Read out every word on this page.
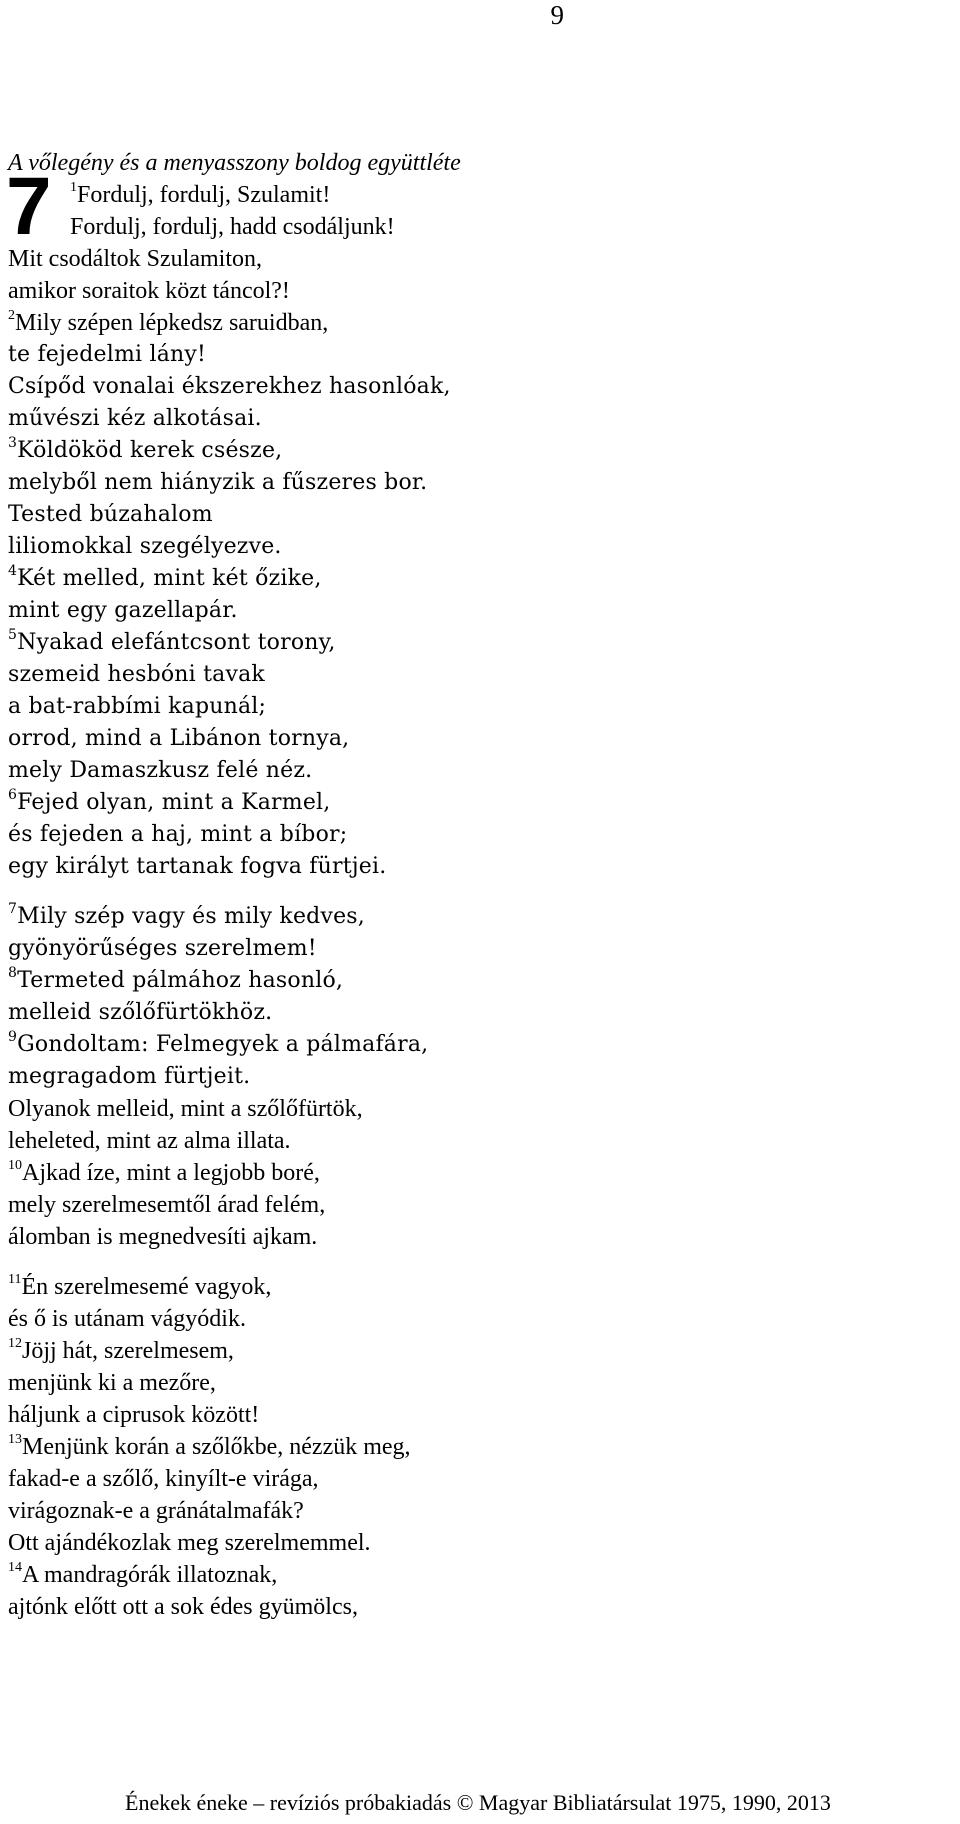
9
A vőlegény és a menyasszony boldog együttléte
7 $^1$Fordulj, fordulj, Szulamit!
Fordulj, fordulj, hadd csodáljunk!
Mit csodáltok Szulamiton,
amikor soraitok közt táncol?!
$^2$Mily szépen lépkedsz saruidban,
te fejedelmi lány!
Csípőd vonalai ékszerekhez hasonlóak,
művészi kéz alkotásai.
$^3$Köldököd kerek csésze,
melyből nem hiányzik a fűszeres bor.
Tested búzahalom
liliomokkal szegélyezve.
$^4$Két melled, mint két őzike,
mint egy gazellapár.
$^5$Nyakad elefántcsont torony,
szemeid hesbóni tavak
a bat-rabbími kapunál;
orrod, mind a Libánon tornya,
mely Damaszkusz felé néz.
$^6$Fejed olyan, mint a Karmel,
és fejeden a haj, mint a bíbor;
egy királyt tartanak fogva fürtjei.
$^7$Mily szép vagy és mily kedves,
gyönyörűséges szerelmem!
$^8$Termeted pálmához hasonló,
melleid szőlőfürtökhöz.
$^9$Gondoltam: Felmegyek a pálmafára,
megragadom fürtjeit.
Olyanok melleid, mint a szőlőfürtök,
leheleted, mint az alma illata.
$^{10}$Ajkad íze, mint a legjobb boré,
mely szerelmesemtől árad felém,
álomban is megnedvesíti ajkam.
$^{11}$Én szerelmesemé vagyok,
és ő is utánam vágyódik.
$^{12}$Jöjj hát, szerelmesem,
menjünk ki a mezőre,
háljunk a ciprusok között!
$^{13}$Menjünk korán a szőlőkbe, nézzük meg,
fakad-e a szőlő, kinyílt-e virága,
virágoznak-e a gránátalmafák?
Ott ajándékozlak meg szerelmemmel.
$^{14}$A mandragórák illatoznak,
ajtónk előtt ott a sok édes gyümölcs,
Énekek éneke – revíziós próbakiadás © Magyar Bibliatársulat 1975, 1990, 2013
